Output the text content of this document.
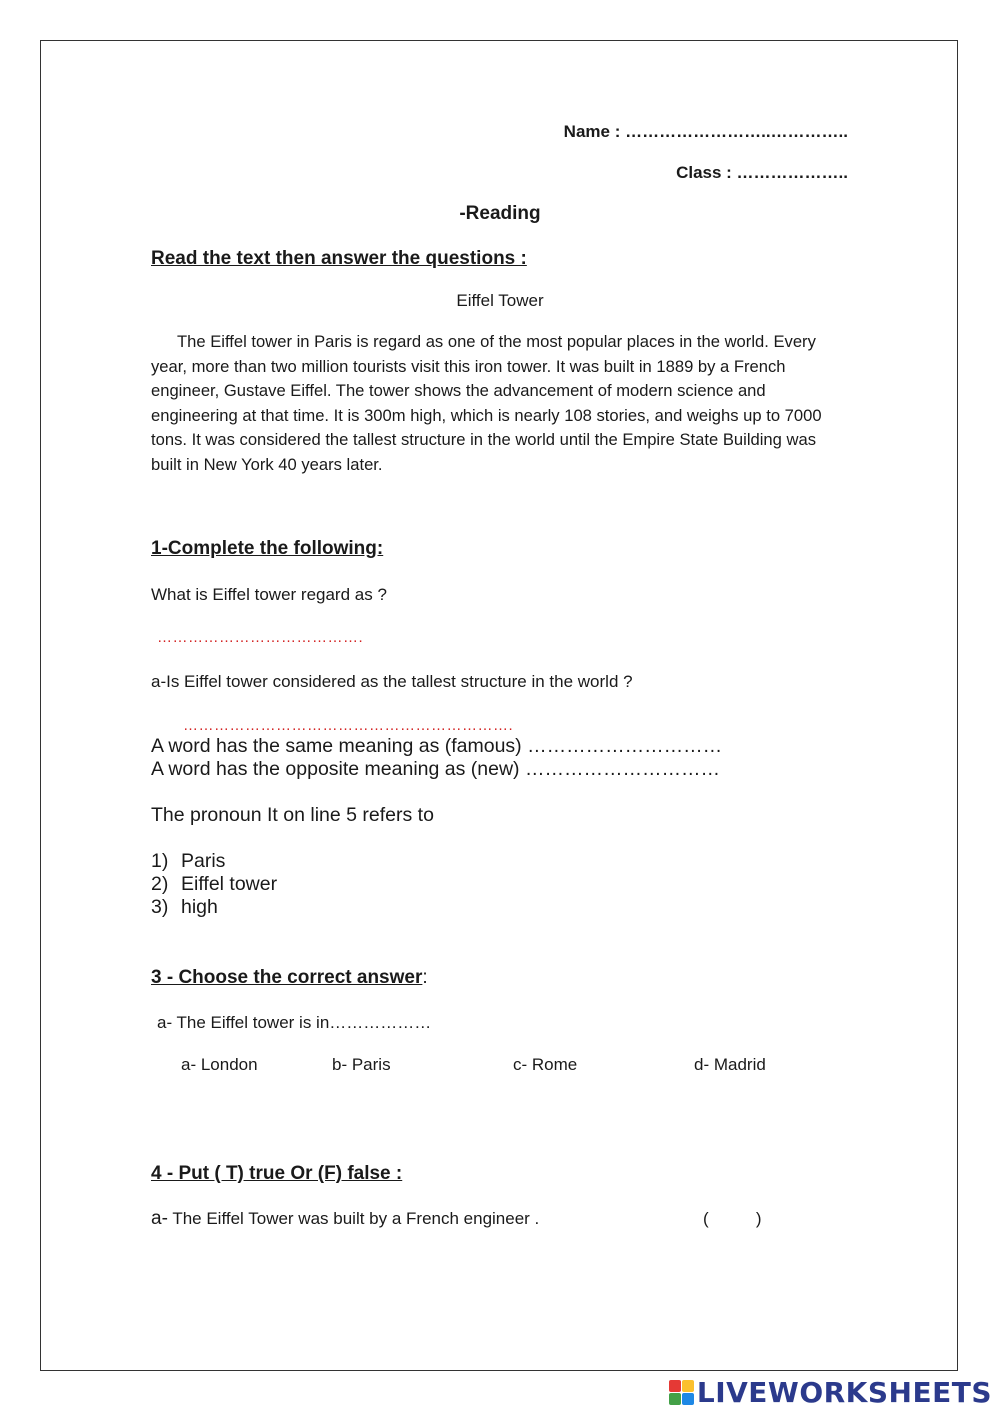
Name : ……………………..…………..
Class : ………………..
-Reading
Read the text then answer the questions :
Eiffel Tower

The Eiffel tower in Paris is regard as one of the most popular places in the world. Every year, more than two million tourists visit this iron tower. It was built in 1889 by a French engineer, Gustave Eiffel. The tower shows the advancement of modern science and engineering at that time. It is 300m high, which is nearly 108 stories, and weighs up to 7000 tons. It was considered the tallest structure in the world until the Empire State Building was built in New York 40 years later.

1-Complete the following:
What is Eiffel tower regard as ?
………………………………….
a-Is Eiffel tower considered as the tallest structure in the world ?
……………………………………………………….
A word has the same meaning as (famous) …………………………
A word has the opposite meaning as (new) …………………………
The pronoun It on line 5 refers to
1) Paris
2) Eiffel tower
3) high
3 - Choose the correct answer:
a- The Eiffel tower is in………………
a- London	b- Paris	c- Rome	d- Madrid
4 - Put ( T) true Or (F) false :
a- The Eiffel Tower was built by a French engineer .	(          )
LIVEWORKSHEETS
